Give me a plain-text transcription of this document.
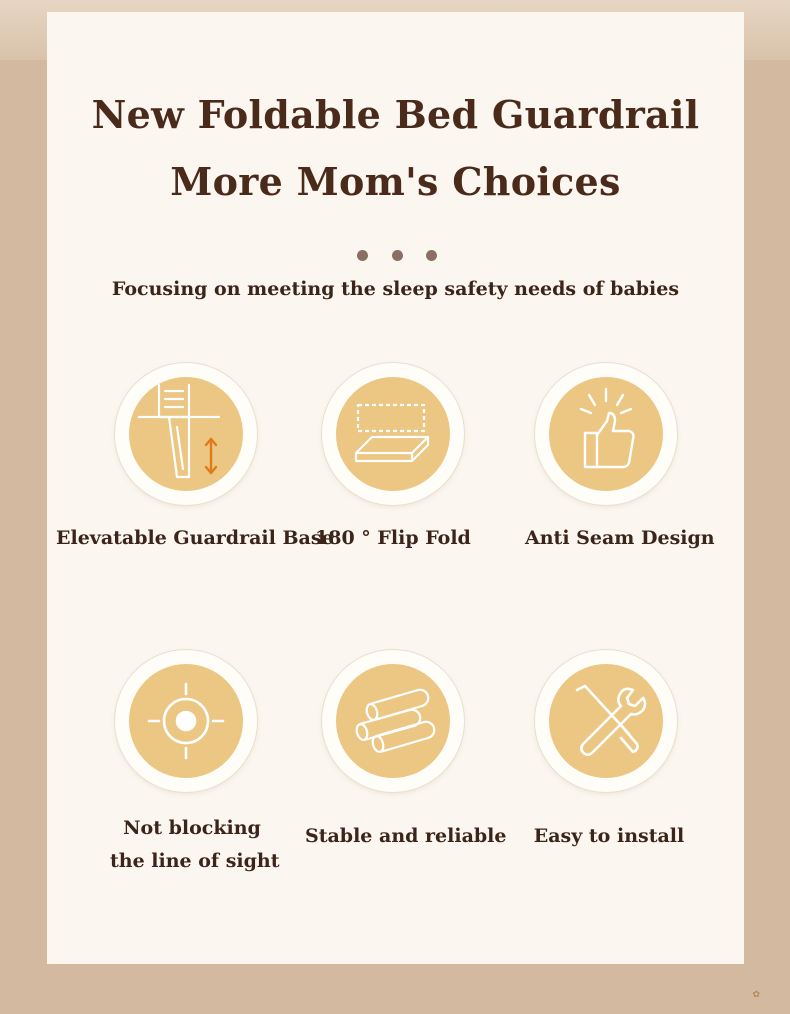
New Foldable Bed Guardrail
More Mom's Choices

Focusing on meeting the sleep safety needs of babies

Elevatable Guardrail Base
180 ° Flip Fold	Anti Seam Design
Not blocking
the line of sight
Stable and reliable Easy to install
✿
